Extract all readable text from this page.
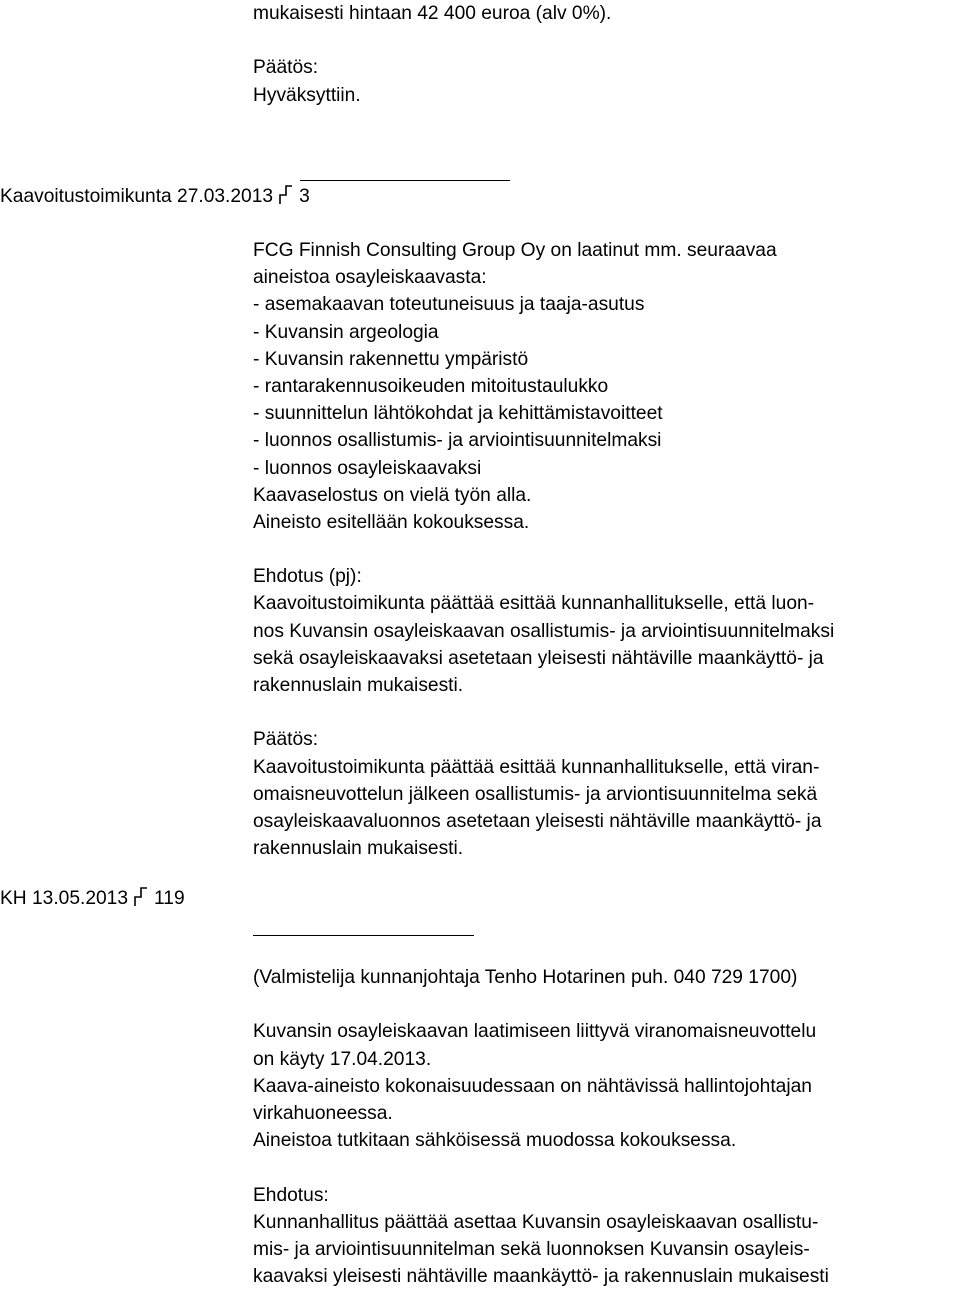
Kaavoitustoimikunta 27.03.2013 3
KH 13.05.2013 119
mukaisesti hintaan 42 400 euroa (alv 0%).
Päätös:
Hyväksyttiin.
FCG Finnish Consulting Group Oy on laatinut mm. seuraavaa
aineistoa osayleiskaavasta:
- asemakaavan toteutuneisuus ja taaja-asutus
- Kuvansin argeologia
- Kuvansin rakennettu ympäristö
- rantarakennusoikeuden mitoitustaulukko
- suunnittelun lähtökohdat ja kehittämistavoitteet
- luonnos osallistumis- ja arviointisuunnitelmaksi
- luonnos osayleiskaavaksi
Kaavaselostus on vielä työn alla.
Aineisto esitellään kokouksessa.
Ehdotus (pj):
Kaavoitustoimikunta päättää esittää kunnanhallitukselle, että luon-
nos Kuvansin osayleiskaavan osallistumis- ja arviointisuunnitelmaksi
sekä osayleiskaavaksi asetetaan yleisesti nähtäville maankäyttö- ja
rakennuslain mukaisesti.
Päätös:
Kaavoitustoimikunta päättää esittää kunnanhallitukselle, että viran-
omaisneuvottelun jälkeen osallistumis- ja arviontisuunnitelma sekä
osayleiskaavaluonnos asetetaan yleisesti nähtäville maankäyttö- ja
rakennuslain mukaisesti.
(Valmistelija kunnanjohtaja Tenho Hotarinen puh. 040 729 1700)
Kuvansin osayleiskaavan laatimiseen liittyvä viranomaisneuvottelu
on käyty 17.04.2013.
Kaava-aineisto kokonaisuudessaan on nähtävissä hallintojohtajan
virkahuoneessa.
Aineistoa tutkitaan sähköisessä muodossa kokouksessa.
Ehdotus:
Kunnanhallitus päättää asettaa Kuvansin osayleiskaavan osallistu-
mis- ja arviointisuunnitelman sekä luonnoksen Kuvansin osayleis-
kaavaksi yleisesti nähtäville maankäyttö- ja rakennuslain mukaisesti
